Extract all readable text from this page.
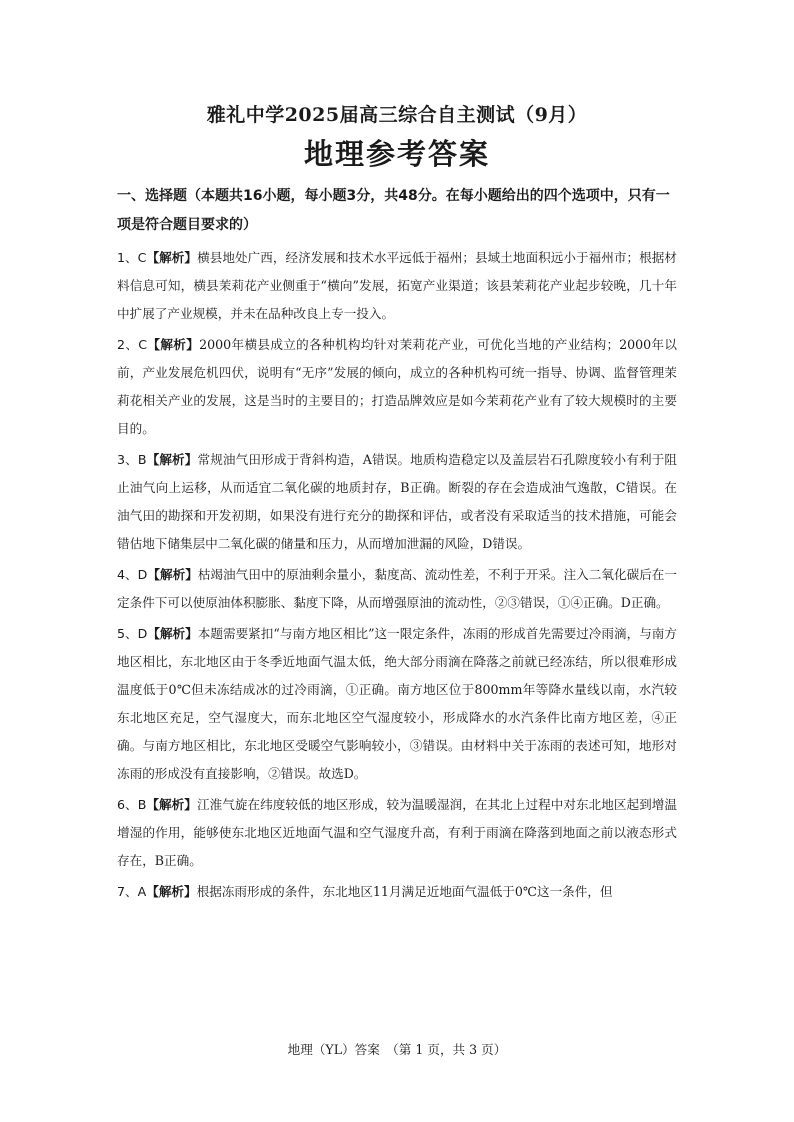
雅礼中学2025届高三综合自主测试（9月）
地理参考答案

一、选择题（本题共16小题，每小题3分，共48分。在每小题给出的四个选项中，只有一项是符合题目要求的）

1、C【解析】横县地处广西，经济发展和技术水平远低于福州；县域土地面积远小于福州市；根据材料信息可知，横县茉莉花产业侧重于“横向”发展，拓宽产业渠道；该县茉莉花产业起步较晚，几十年中扩展了产业规模，并未在品种改良上专一投入。

2、C【解析】2000年横县成立的各种机构均针对茉莉花产业，可优化当地的产业结构；2000年以前，产业发展危机四伏，说明有“无序”发展的倾向，成立的各种机构可统一指导、协调、监督管理茉莉花相关产业的发展，这是当时的主要目的；打造品牌效应是如今茉莉花产业有了较大规模时的主要目的。

3、B【解析】常规油气田形成于背斜构造，A错误。地质构造稳定以及盖层岩石孔隙度较小有利于阻止油气向上运移，从而适宜二氧化碳的地质封存，B正确。断裂的存在会造成油气逸散，C错误。在油气田的勘探和开发初期，如果没有进行充分的勘探和评估，或者没有采取适当的技术措施，可能会错估地下储集层中二氧化碳的储量和压力，从而增加泄漏的风险，D错误。

4、D【解析】枯竭油气田中的原油剩余量小，黏度高、流动性差，不利于开采。注入二氧化碳后在一定条件下可以使原油体积膨胀、黏度下降，从而增强原油的流动性，②③错误，①④正确。D正确。

5、D【解析】本题需要紧扣“与南方地区相比”这一限定条件，冻雨的形成首先需要过冷雨滴，与南方地区相比，东北地区由于冬季近地面气温太低，绝大部分雨滴在降落之前就已经冻结，所以很难形成温度低于0℃但未冻结成冰的过冷雨滴，①正确。南方地区位于800mm年等降水量线以南，水汽较东北地区充足，空气湿度大，而东北地区空气湿度较小，形成降水的水汽条件比南方地区差，④正确。与南方地区相比，东北地区受暖空气影响较小，③错误。由材料中关于冻雨的表述可知，地形对冻雨的形成没有直接影响，②错误。故选D。

6、B【解析】江淮气旋在纬度较低的地区形成，较为温暖湿润，在其北上过程中对东北地区起到增温增湿的作用，能够使东北地区近地面气温和空气湿度升高，有利于雨滴在降落到地面之前以液态形式存在，B正确。

7、A【解析】根据冻雨形成的条件，东北地区11月满足近地面气温低于0℃这一条件，但

地理（YL）答案　（第 1 页，共 3 页）
